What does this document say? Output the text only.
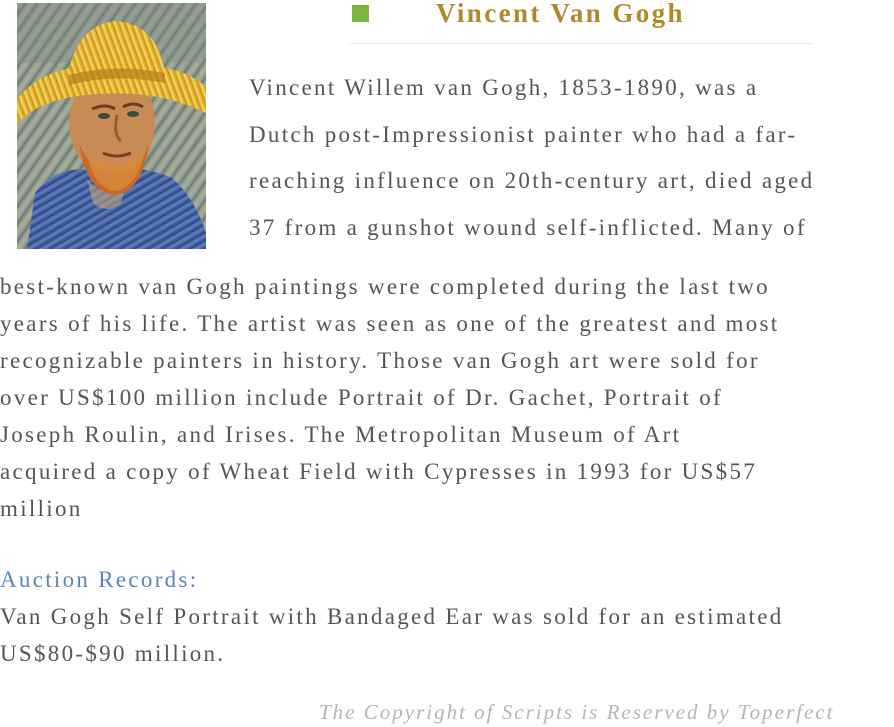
Vincent Van Gogh

Vincent Willem van Gogh, 1853-1890, was a
Dutch post-Impressionist painter who had a far-
reaching influence on 20th-century art, died aged
37 from a gunshot wound self-inflicted. Many of

best-known van Gogh paintings were completed during the last two
years of his life. The artist was seen as one of the greatest and most
recognizable painters in history. Those van Gogh art were sold for
over US$100 million include Portrait of Dr. Gachet, Portrait of
Joseph Roulin, and Irises. The Metropolitan Museum of Art
acquired a copy of Wheat Field with Cypresses in 1993 for US$57
million

Auction Records:

Van Gogh Self Portrait with Bandaged Ear was sold for an estimated
US$80-$90 million.

The Copyright of Scripts is Reserved by Toperfect
